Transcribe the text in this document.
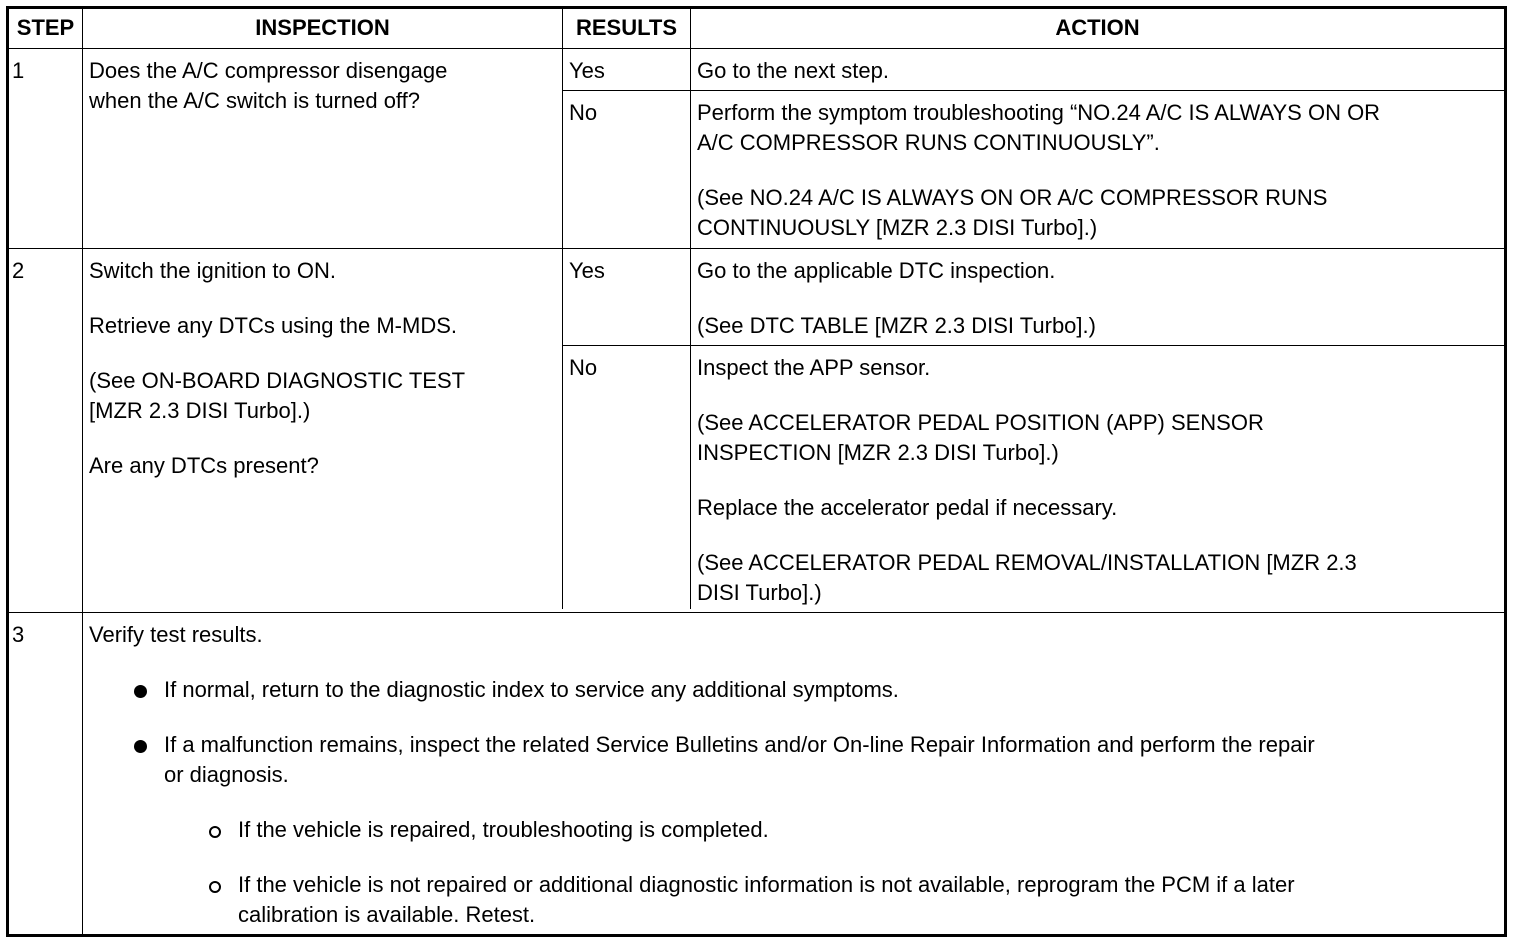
STEP	INSPECTION	RESULTS	ACTION
1	Does the A/C compressor disengage
when the A/C switch is turned off?
Yes	Go to the next step.
No	Perform the symptom troubleshooting “NO.24 A/C IS ALWAYS ON OR
A/C COMPRESSOR RUNS CONTINUOUSLY”.
(See NO.24 A/C IS ALWAYS ON OR A/C COMPRESSOR RUNS
CONTINUOUSLY [MZR 2.3 DISI Turbo].)
2	Switch the ignition to ON.
Retrieve any DTCs using the M-MDS.
(See ON-BOARD DIAGNOSTIC TEST
[MZR 2.3 DISI Turbo].)
Are any DTCs present?
Yes	Go to the applicable DTC inspection.
(See DTC TABLE [MZR 2.3 DISI Turbo].)
No	Inspect the APP sensor.
(See ACCELERATOR PEDAL POSITION (APP) SENSOR
INSPECTION [MZR 2.3 DISI Turbo].)
Replace the accelerator pedal if necessary.
(See ACCELERATOR PEDAL REMOVAL/INSTALLATION [MZR 2.3
DISI Turbo].)
3	Verify test results.
If normal, return to the diagnostic index to service any additional symptoms.
If a malfunction remains, inspect the related Service Bulletins and/or On-line Repair Information and perform the repair
or diagnosis.
If the vehicle is repaired, troubleshooting is completed.
If the vehicle is not repaired or additional diagnostic information is not available, reprogram the PCM if a later
calibration is available. Retest.
